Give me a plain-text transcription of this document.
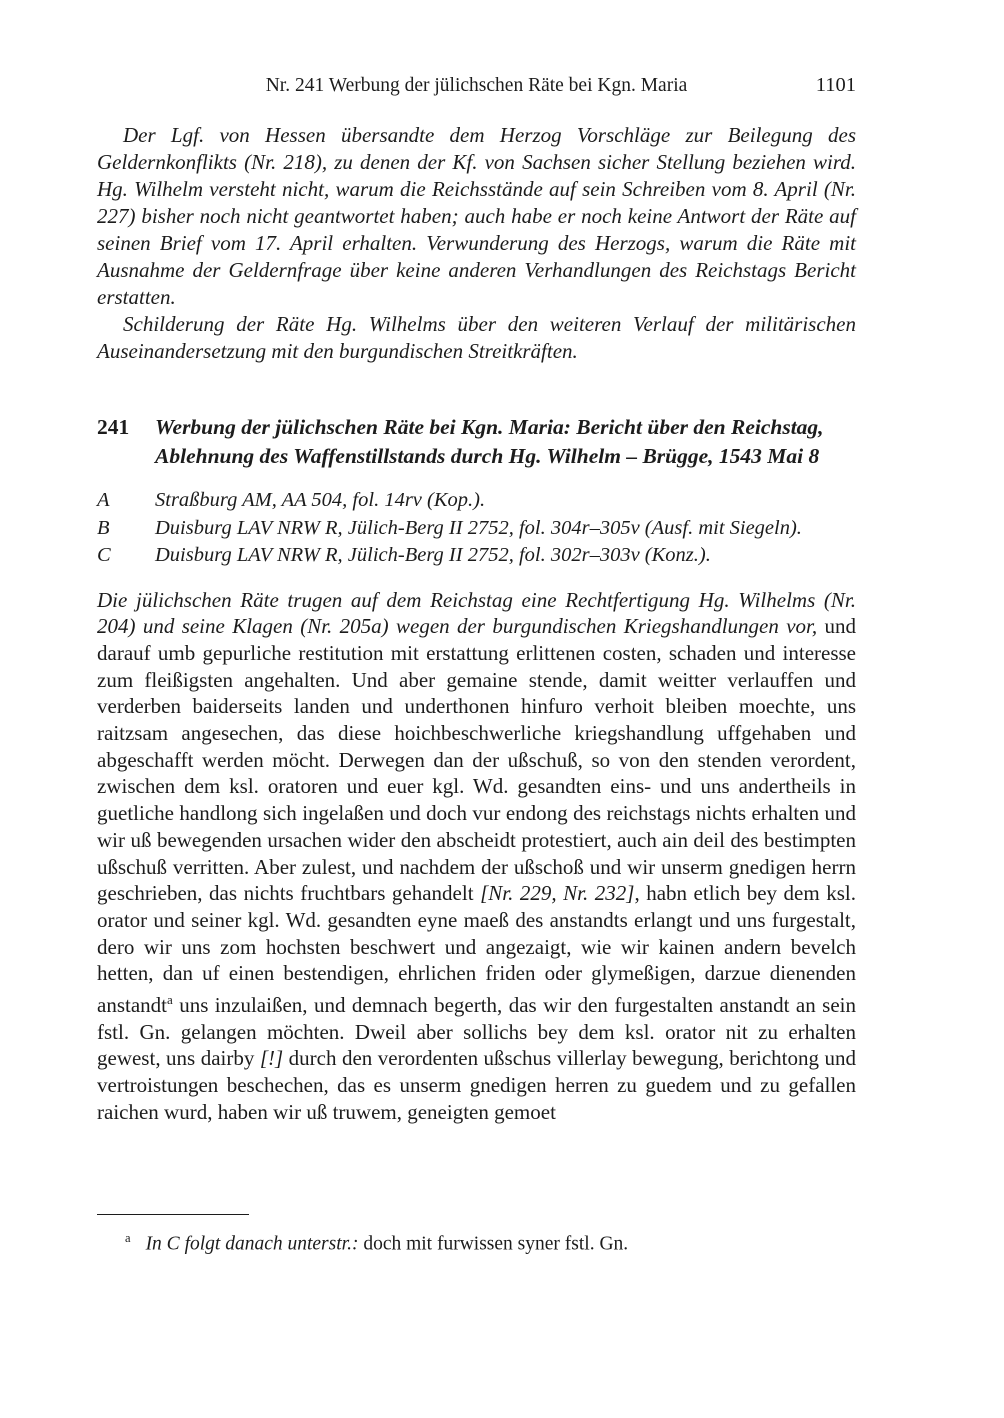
Nr. 241 Werbung der jülichschen Räte bei Kgn. Maria	1101

Der Lgf. von Hessen übersandte dem Herzog Vorschläge zur Beilegung des Geldernkonflikts (Nr. 218), zu denen der Kf. von Sachsen sicher Stellung beziehen wird. Hg. Wilhelm versteht nicht, warum die Reichsstände auf sein Schreiben vom 8. April (Nr. 227) bisher noch nicht geantwortet haben; auch habe er noch keine Antwort der Räte auf seinen Brief vom 17. April erhalten. Verwunderung des Herzogs, warum die Räte mit Ausnahme der Geldernfrage über keine anderen Verhandlungen des Reichstags Bericht erstatten.

Schilderung der Räte Hg. Wilhelms über den weiteren Verlauf der militärischen Auseinandersetzung mit den burgundischen Streitkräften.

241	Werbung der jülichschen Räte bei Kgn. Maria: Bericht über den Reichstag, Ablehnung des Waffenstillstands durch Hg. Wilhelm – Brügge, 1543 Mai 8
A	Straßburg AM, AA 504, fol. 14rv (Kop.).
B	Duisburg LAV NRW R, Jülich-Berg II 2752, fol. 304r–305v (Ausf. mit Siegeln).
C	Duisburg LAV NRW R, Jülich-Berg II 2752, fol. 302r–303v (Konz.).

Die jülichschen Räte trugen auf dem Reichstag eine Rechtfertigung Hg. Wilhelms (Nr. 204) und seine Klagen (Nr. 205a) wegen der burgundischen Kriegshandlungen vor, und darauf umb gepurliche restitution mit erstattung erlittenen costen, schaden und interesse zum fleißigsten angehalten. Und aber gemaine stende, damit weitter verlauffen und verderben baiderseits landen und underthonen hinfuro verhoit bleiben moechte, uns raitzsam angesechen, das diese hoichbeschwerliche kriegshandlung uffgehaben und abgeschafft werden möcht. Derwegen dan der ußschuß, so von den stenden verordent, zwischen dem ksl. oratoren und euer kgl. Wd. gesandten eins- und uns andertheils in guetliche handlong sich ingelaßen und doch vur endong des reichstags nichts erhalten und wir uß bewegenden ursachen wider den abscheidt protestiert, auch ain deil des bestimpten ußschuß verritten. Aber zulest, und nachdem der ußschoß und wir unserm gnedigen herrn geschrieben, das nichts fruchtbars gehandelt [Nr. 229, Nr. 232], habn etlich bey dem ksl. orator und seiner kgl. Wd. gesandten eyne maeß des anstandts erlangt und uns furgestalt, dero wir uns zom hochsten beschwert und angezaigt, wie wir kainen andern bevelch hetten, dan uf einen bestendigen, ehrlichen friden oder glymeßigen, darzue dienenden anstandt$^a$ uns inzulaißen, und demnach begerth, das wir den furgestalten anstandt an sein fstl. Gn. gelangen möchten. Dweil aber sollichs bey dem ksl. orator nit zu erhalten gewest, uns dairby [!] durch den verordenten ußschus villerlay bewegung, berichtong und vertroistungen beschechen, das es unserm gnedigen herren zu guedem und zu gefallen raichen wurd, haben wir uß truwem, geneigten gemoet

$^a$ In C folgt danach unterstr.: doch mit furwissen syner fstl. Gn.
